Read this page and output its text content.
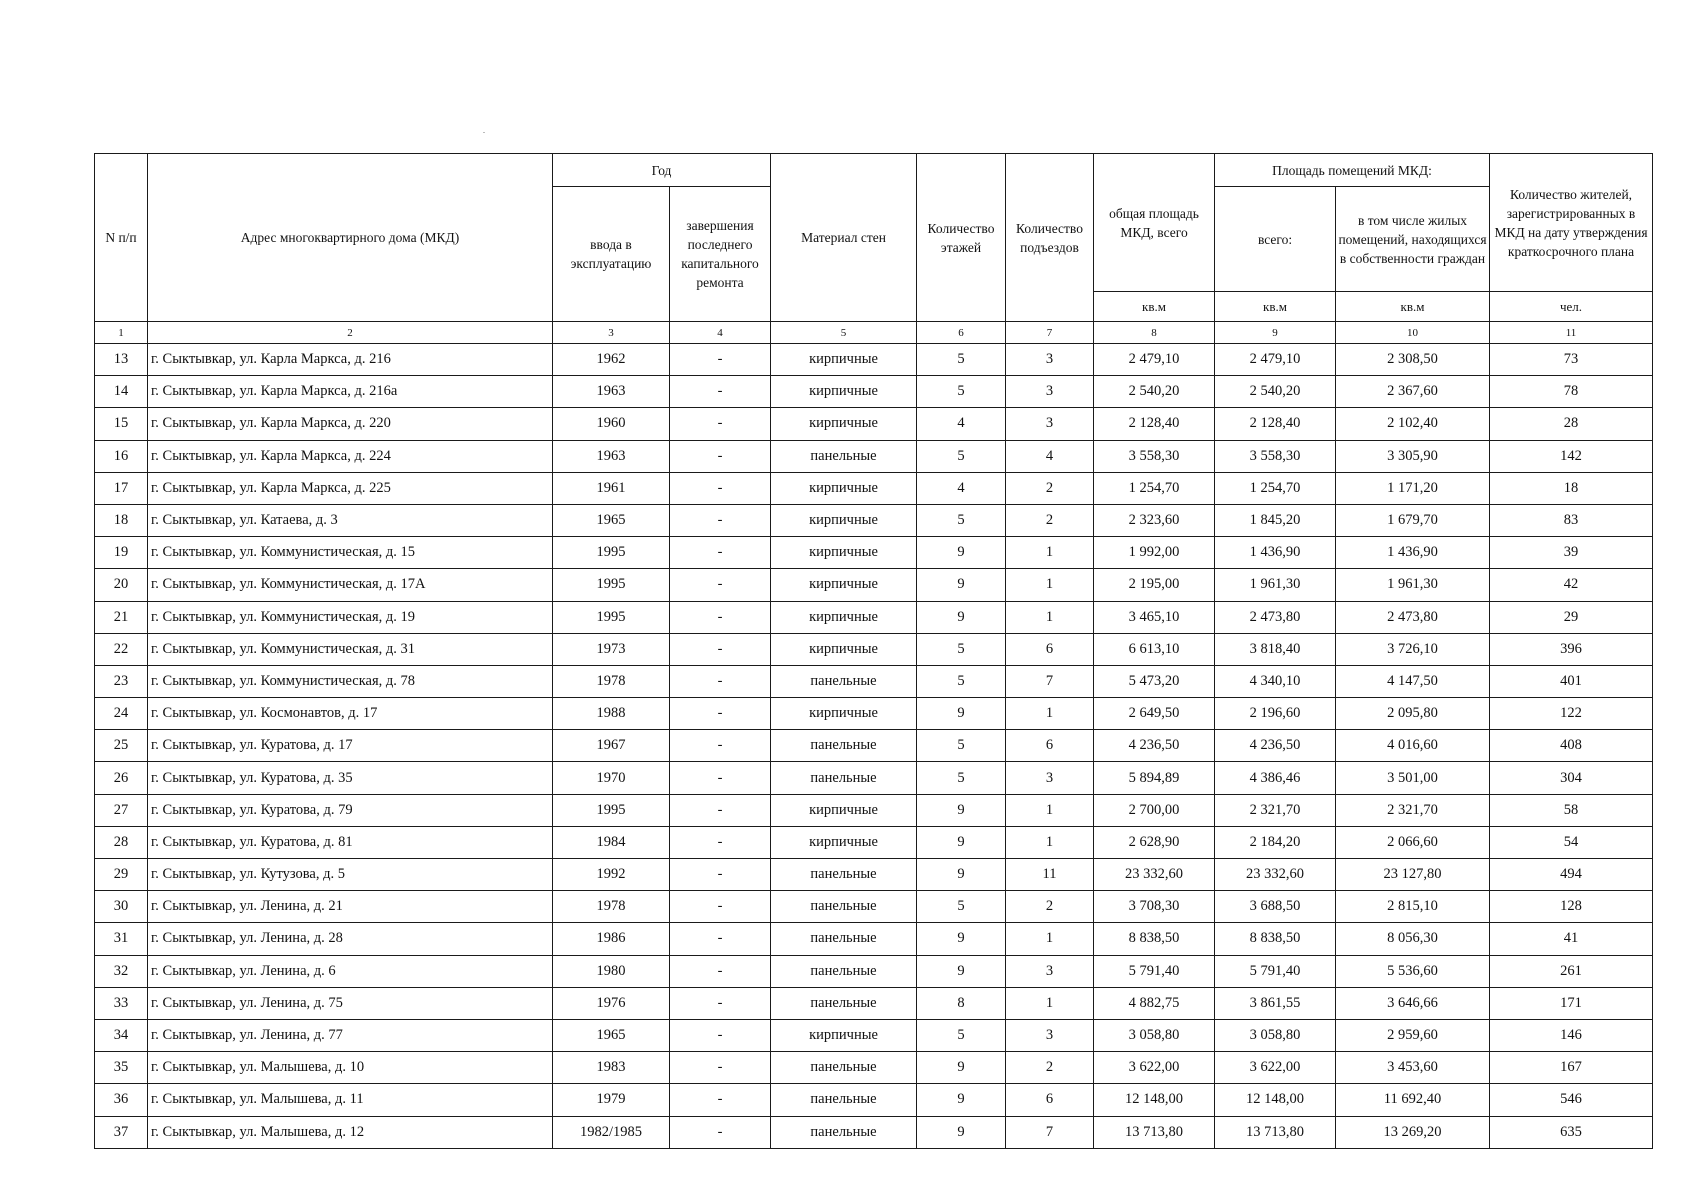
N п/п	Адрес многоквартирного дома (МКД)	Год		Материал стен	Количество этажей	Количество подъездов	общая площадь МКД, всего	Площадь помещений МКД:		Количество жителей, зарегистрированных в МКД на дату утверждения краткосрочного плана
		ввода в эксплуатацию	завершения последнего капитального ремонта					всего:	в том числе жилых помещений, находящихся в собственности граждан	
							кв.м	кв.м	кв.м	чел.
1	2	3	4	5	6	7	8	9	10	11
13	г. Сыктывкар, ул. Карла Маркса, д. 216	1962	-	кирпичные	5	3	2 479,10	2 479,10	2 308,50	73
14	г. Сыктывкар, ул. Карла Маркса, д. 216а	1963	-	кирпичные	5	3	2 540,20	2 540,20	2 367,60	78
15	г. Сыктывкар, ул. Карла Маркса, д. 220	1960	-	кирпичные	4	3	2 128,40	2 128,40	2 102,40	28
16	г. Сыктывкар, ул. Карла Маркса, д. 224	1963	-	панельные	5	4	3 558,30	3 558,30	3 305,90	142
17	г. Сыктывкар, ул. Карла Маркса, д. 225	1961	-	кирпичные	4	2	1 254,70	1 254,70	1 171,20	18
18	г. Сыктывкар, ул. Катаева, д. 3	1965	-	кирпичные	5	2	2 323,60	1 845,20	1 679,70	83
19	г. Сыктывкар, ул. Коммунистическая, д. 15	1995	-	кирпичные	9	1	1 992,00	1 436,90	1 436,90	39
20	г. Сыктывкар, ул. Коммунистическая, д. 17А	1995	-	кирпичные	9	1	2 195,00	1 961,30	1 961,30	42
21	г. Сыктывкар, ул. Коммунистическая, д. 19	1995	-	кирпичные	9	1	3 465,10	2 473,80	2 473,80	29
22	г. Сыктывкар, ул. Коммунистическая, д. 31	1973	-	кирпичные	5	6	6 613,10	3 818,40	3 726,10	396
23	г. Сыктывкар, ул. Коммунистическая, д. 78	1978	-	панельные	5	7	5 473,20	4 340,10	4 147,50	401
24	г. Сыктывкар, ул. Космонавтов, д. 17	1988	-	кирпичные	9	1	2 649,50	2 196,60	2 095,80	122
25	г. Сыктывкар, ул. Куратова, д. 17	1967	-	панельные	5	6	4 236,50	4 236,50	4 016,60	408
26	г. Сыктывкар, ул. Куратова, д. 35	1970	-	панельные	5	3	5 894,89	4 386,46	3 501,00	304
27	г. Сыктывкар, ул. Куратова, д. 79	1995	-	кирпичные	9	1	2 700,00	2 321,70	2 321,70	58
28	г. Сыктывкар, ул. Куратова, д. 81	1984	-	кирпичные	9	1	2 628,90	2 184,20	2 066,60	54
29	г. Сыктывкар, ул. Кутузова, д. 5	1992	-	панельные	9	11	23 332,60	23 332,60	23 127,80	494
30	г. Сыктывкар, ул. Ленина, д. 21	1978	-	панельные	5	2	3 708,30	3 688,50	2 815,10	128
31	г. Сыктывкар, ул. Ленина, д. 28	1986	-	панельные	9	1	8 838,50	8 838,50	8 056,30	41
32	г. Сыктывкар, ул. Ленина, д. 6	1980	-	панельные	9	3	5 791,40	5 791,40	5 536,60	261
33	г. Сыктывкар, ул. Ленина, д. 75	1976	-	панельные	8	1	4 882,75	3 861,55	3 646,66	171
34	г. Сыктывкар, ул. Ленина, д. 77	1965	-	кирпичные	5	3	3 058,80	3 058,80	2 959,60	146
35	г. Сыктывкар, ул. Малышева, д. 10	1983	-	панельные	9	2	3 622,00	3 622,00	3 453,60	167
36	г. Сыктывкар, ул. Малышева, д. 11	1979	-	панельные	9	6	12 148,00	12 148,00	11 692,40	546
37	г. Сыктывкар, ул. Малышева, д. 12	1982/1985	-	панельные	9	7	13 713,80	13 713,80	13 269,20	635
